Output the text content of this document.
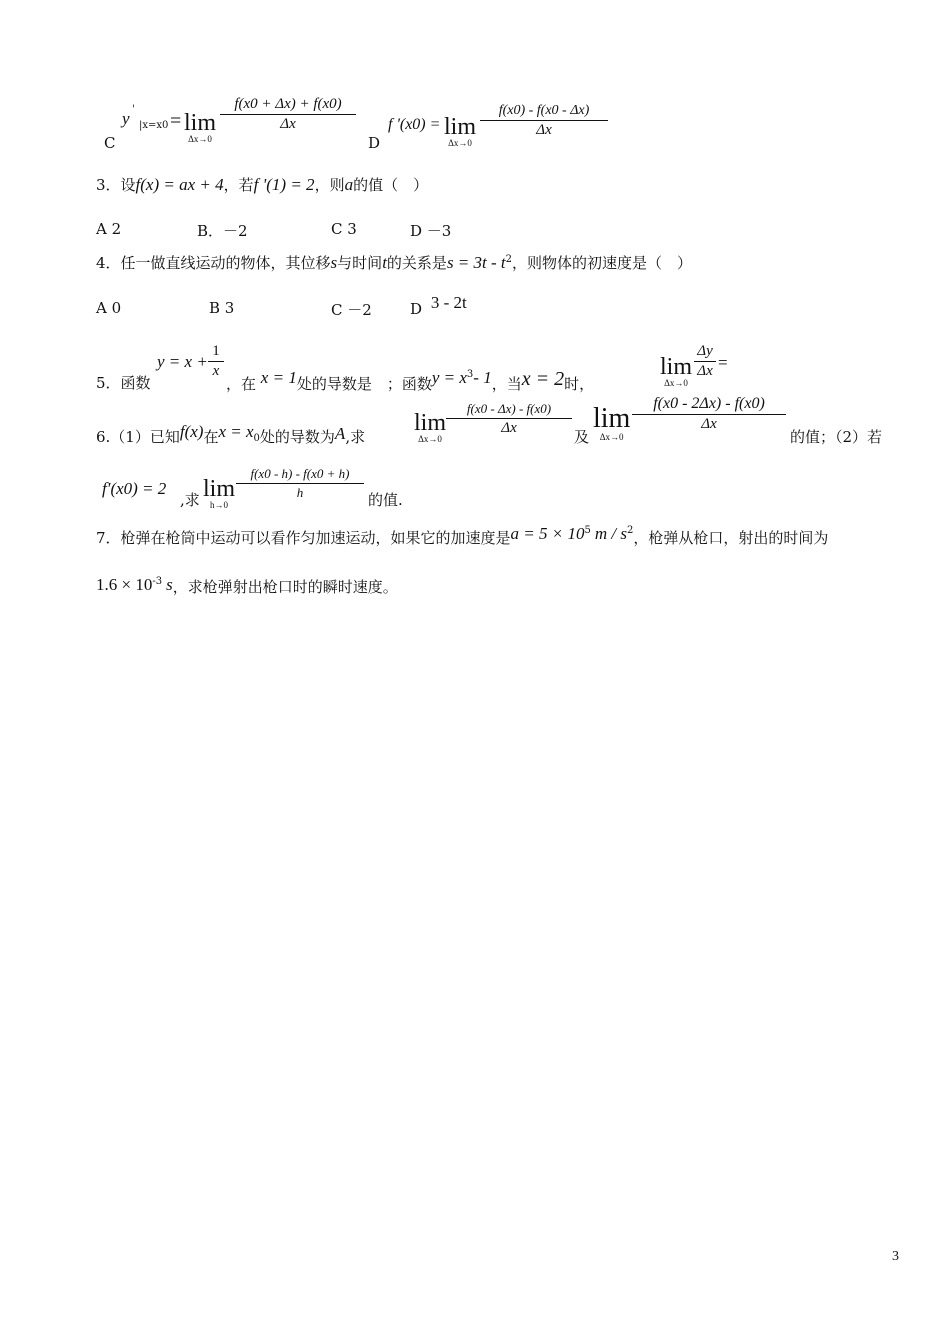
C
y '
|x=x0 = lim
Δx→0
f(x0 + Δx) + f(x0)
Δx
D
f '(x0) = lim
Δx→0
f(x0) - f(x0 - Δx)
Δx
3．设f(x) = ax + 4，若f '(1) = 2，则a的值（　）
A 2	B．－2	C 3	D －3
4．任一做直线运动的物体，其位移s与时间t的关系是$s = 3t - t^2$，则物体的初速度是（　）
A 0	B 3	C －2	D 3 - 2t
5．函数
y = x +
1
x
，在 x = 1处的导数是　；函数$y = x^3-$ 1，当x = 2时，
lim
Δx→0
Δy
Δx =
6.（1）已知f(x)在$x = x_0$处的导数为A,求
lim
Δx→0
f(x0 - Δx) - f(x0)
Δx	及
lim
Δx→0
f(x0 - 2Δx) - f(x0)
Δx
的值；（2）若
f′(x0) = 2
,求 lim
h→0
f(x0 - h) - f(x0 + h)
h	的值.
7．枪弹在枪筒中运动可以看作匀加速运动，如果它的加速度是$a = 5 \times 10^5$ m / $s^2$，枪弹从枪口，射出的时间为
$1.6 \times 10^{-3}$ s，求枪弹射出枪口时的瞬时速度。
3
